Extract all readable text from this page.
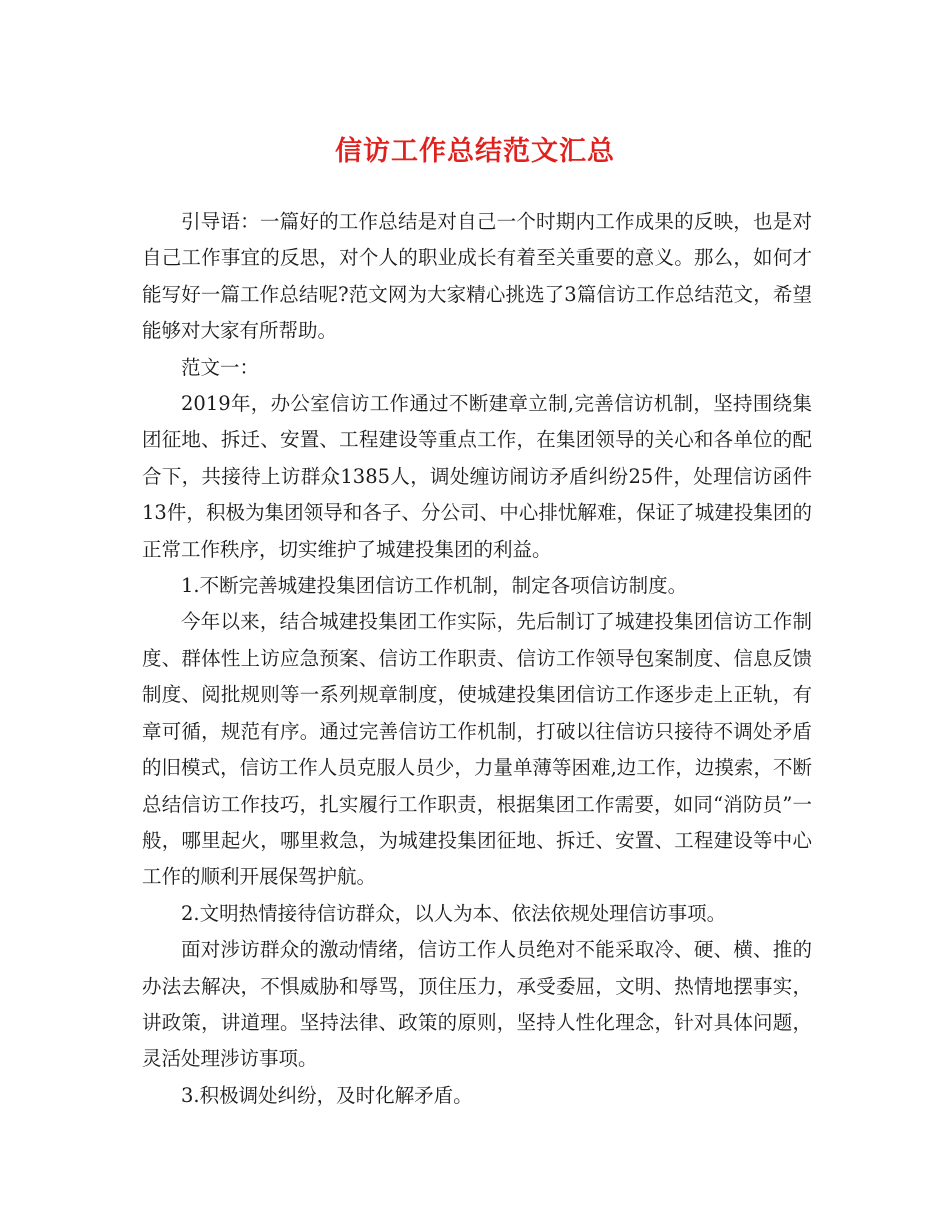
信访工作总结范文汇总

引导语：一篇好的工作总结是对自己一个时期内工作成果的反映，也是对自己工作事宜的反思，对个人的职业成长有着至关重要的意义。那么，如何才能写好一篇工作总结呢?范文网为大家精心挑选了3篇信访工作总结范文，希望能够对大家有所帮助。

范文一：

2019年，办公室信访工作通过不断建章立制,完善信访机制，坚持围绕集团征地、拆迁、安置、工程建设等重点工作，在集团领导的关心和各单位的配合下，共接待上访群众1385人，调处缠访闹访矛盾纠纷25件，处理信访函件13件，积极为集团领导和各子、分公司、中心排忧解难，保证了城建投集团的正常工作秩序，切实维护了城建投集团的利益。

1.不断完善城建投集团信访工作机制，制定各项信访制度。

今年以来，结合城建投集团工作实际，先后制订了城建投集团信访工作制度、群体性上访应急预案、信访工作职责、信访工作领导包案制度、信息反馈制度、阅批规则等一系列规章制度，使城建投集团信访工作逐步走上正轨，有章可循，规范有序。通过完善信访工作机制，打破以往信访只接待不调处矛盾的旧模式，信访工作人员克服人员少，力量单薄等困难,边工作，边摸索，不断总结信访工作技巧，扎实履行工作职责，根据集团工作需要，如同“消防员”一般，哪里起火，哪里救急，为城建投集团征地、拆迁、安置、工程建设等中心工作的顺利开展保驾护航。

2.文明热情接待信访群众，以人为本、依法依规处理信访事项。

面对涉访群众的激动情绪，信访工作人员绝对不能采取冷、硬、横、推的办法去解决，不惧威胁和辱骂，顶住压力，承受委屈，文明、热情地摆事实，讲政策，讲道理。坚持法律、政策的原则，坚持人性化理念，针对具体问题，灵活处理涉访事项。

3.积极调处纠纷，及时化解矛盾。
